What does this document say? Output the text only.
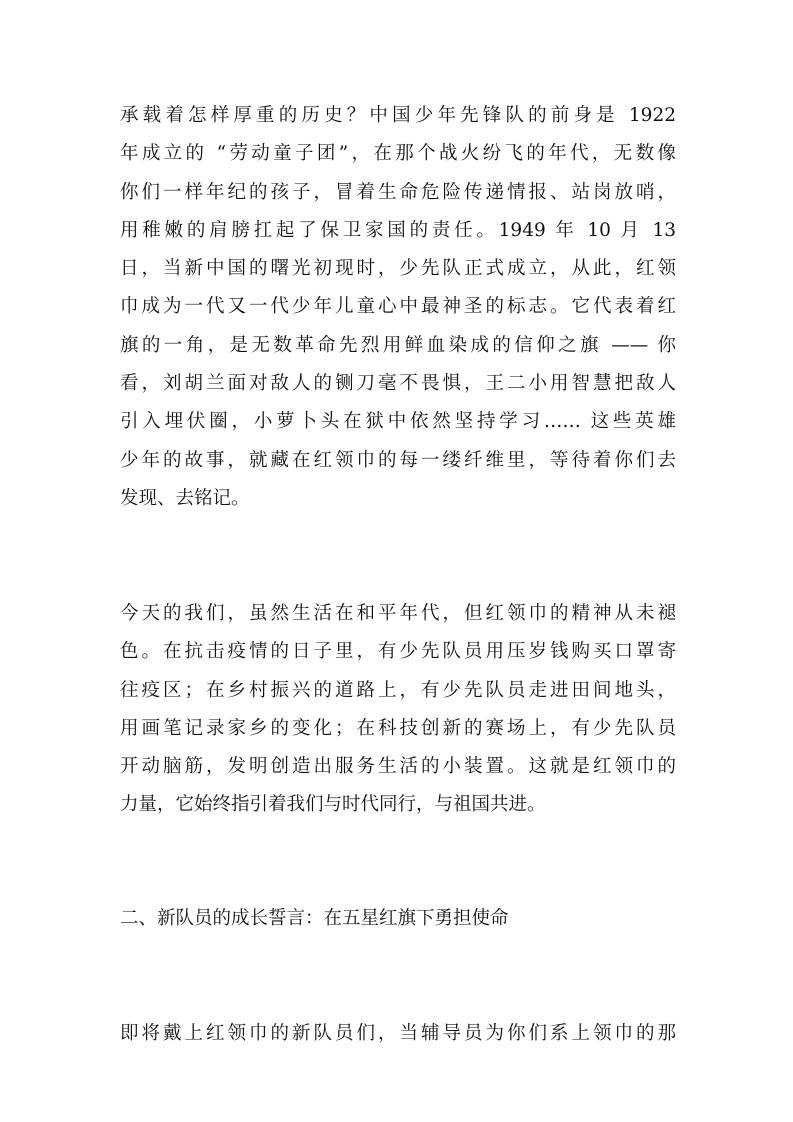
承载着怎样厚重的历史？中国少年先锋队的前身是 1922
年成立的 “劳动童子团”，在那个战火纷飞的年代，无数像
你们一样年纪的孩子，冒着生命危险传递情报、站岗放哨，
用稚嫩的肩膀扛起了保卫家国的责任。1949 年 10 月 13
日，当新中国的曙光初现时，少先队正式成立，从此，红领
巾成为一代又一代少年儿童心中最神圣的标志。它代表着红
旗的一角，是无数革命先烈用鲜血染成的信仰之旗 —— 你
看，刘胡兰面对敌人的铡刀毫不畏惧，王二小用智慧把敌人
引入埋伏圈，小萝卜头在狱中依然坚持学习…… 这些英雄
少年的故事，就藏在红领巾的每一缕纤维里，等待着你们去
发现、去铭记。

今天的我们，虽然生活在和平年代，但红领巾的精神从未褪
色。在抗击疫情的日子里，有少先队员用压岁钱购买口罩寄
往疫区；在乡村振兴的道路上，有少先队员走进田间地头，
用画笔记录家乡的变化；在科技创新的赛场上，有少先队员
开动脑筋，发明创造出服务生活的小装置。这就是红领巾的
力量，它始终指引着我们与时代同行，与祖国共进。

二、新队员的成长誓言：在五星红旗下勇担使命

即将戴上红领巾的新队员们，当辅导员为你们系上领巾的那
